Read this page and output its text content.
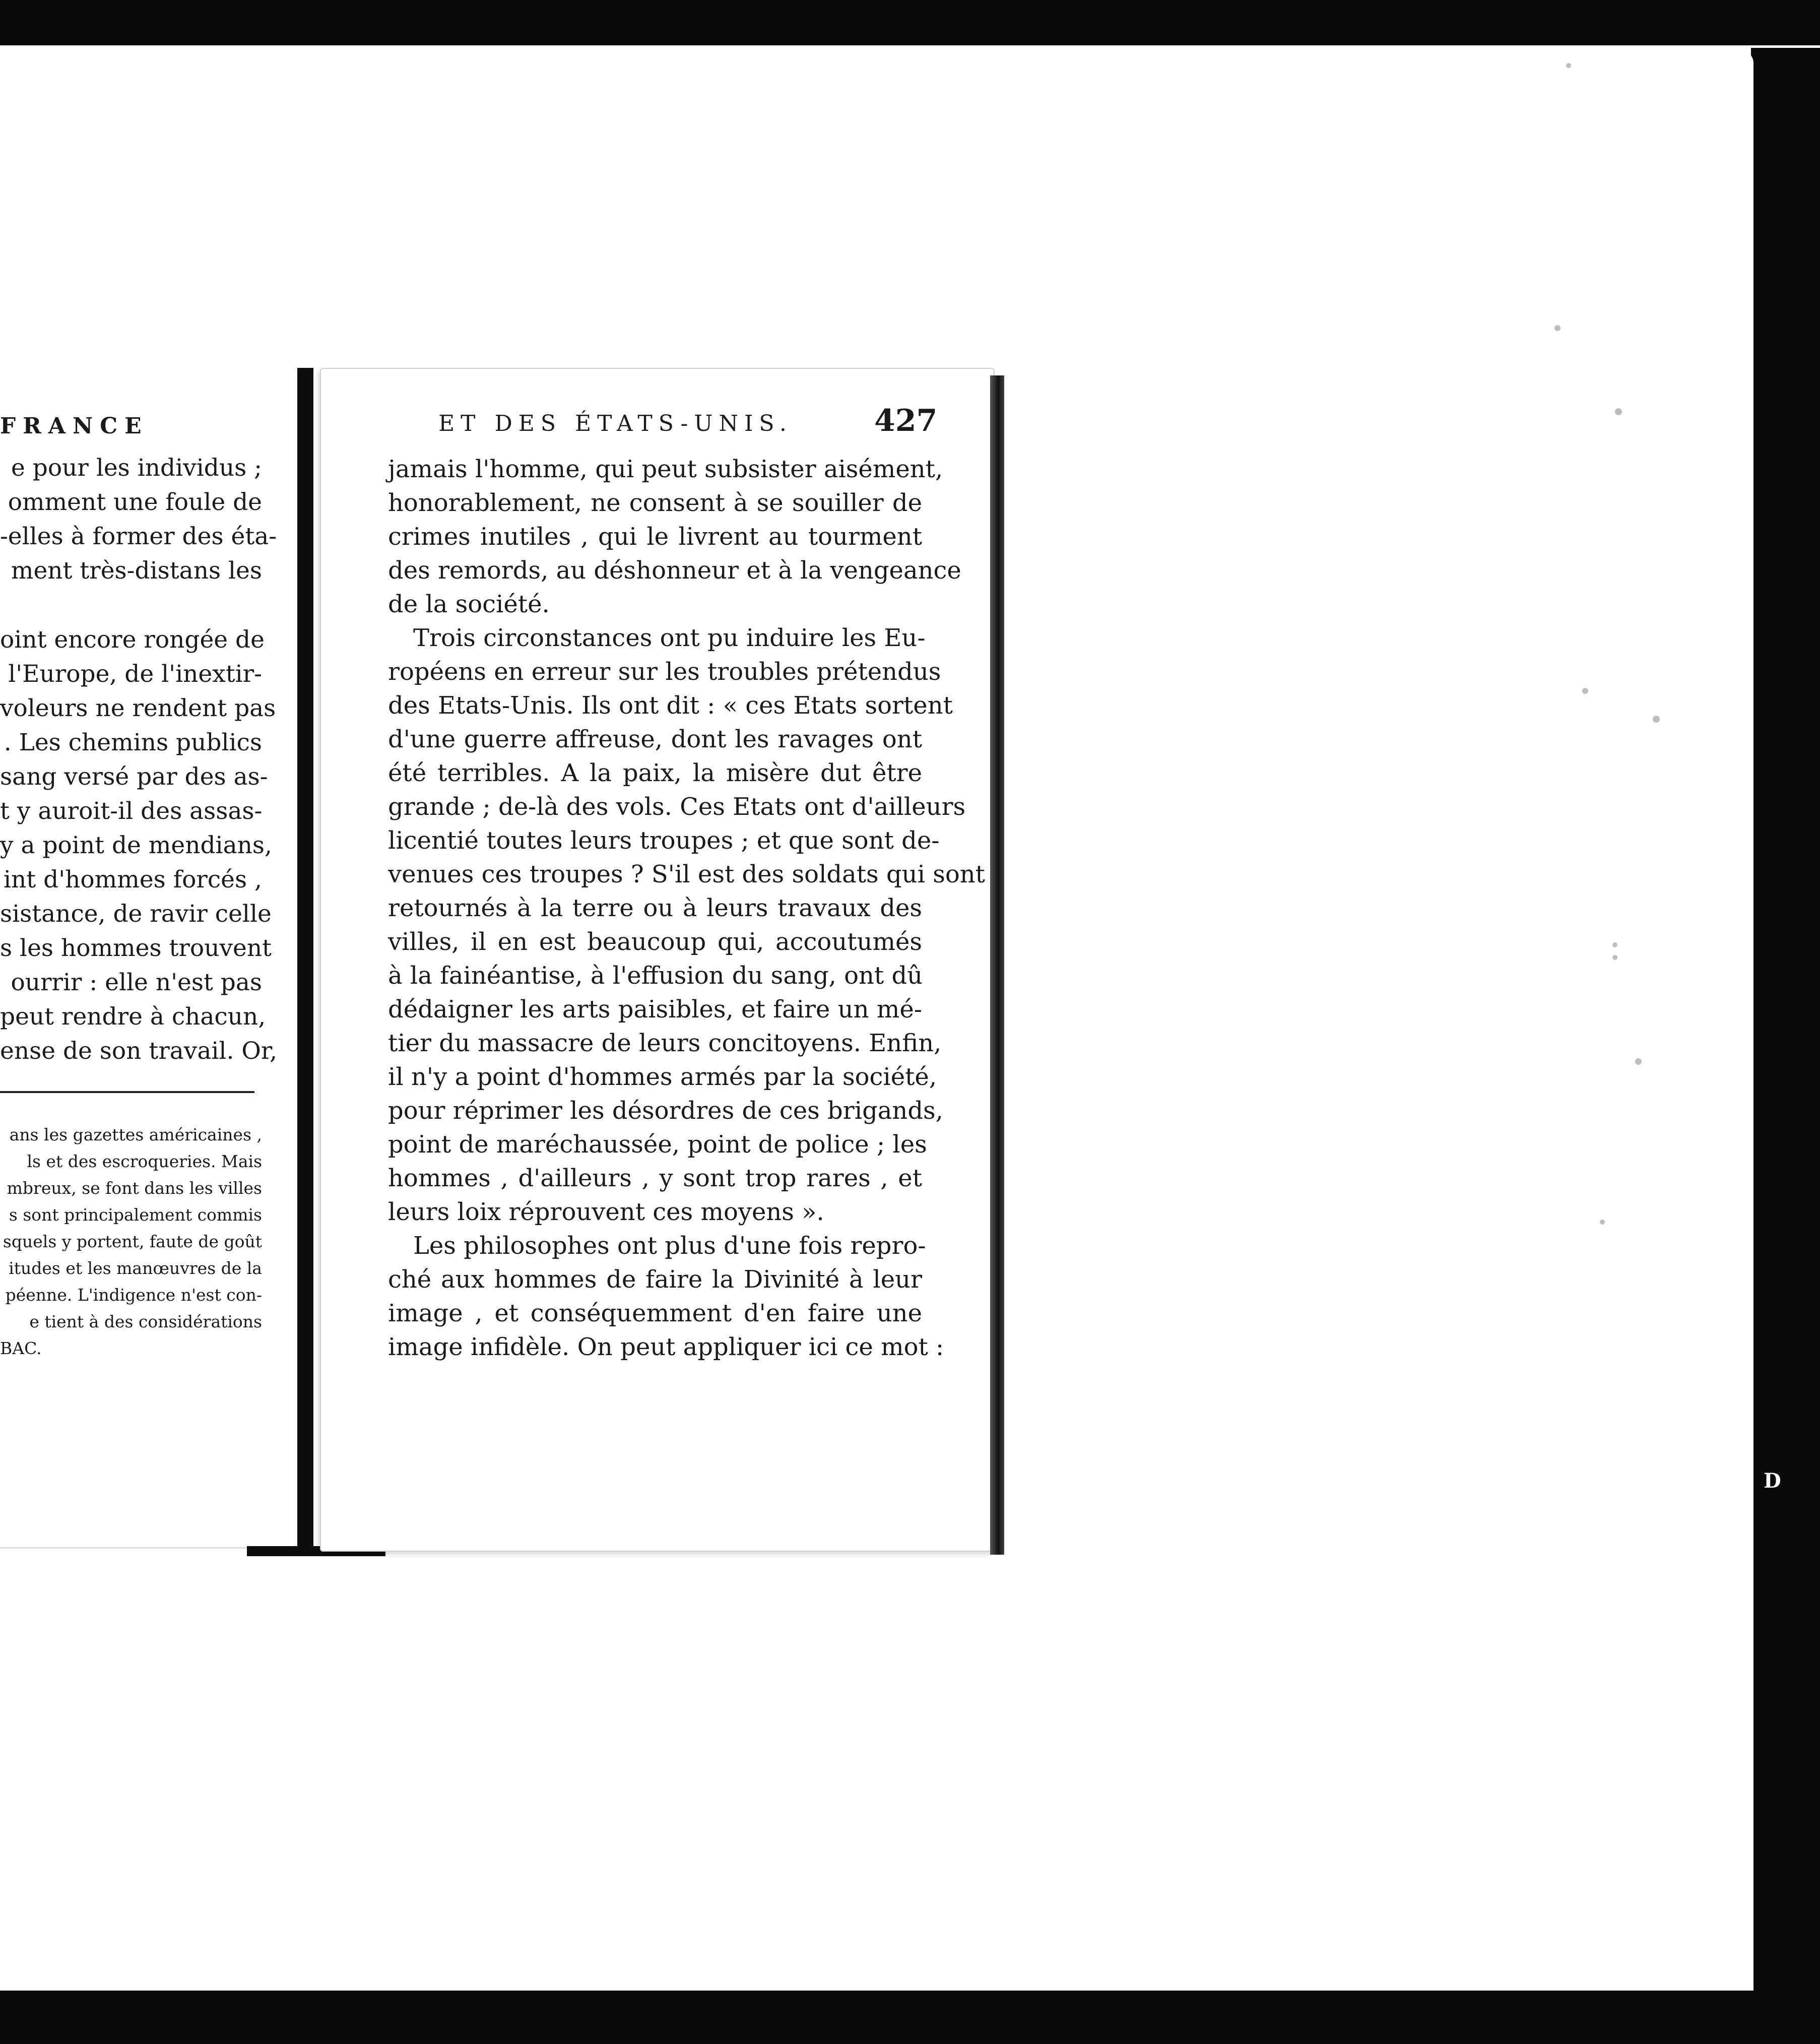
FRANCE
e pour les individus ;
omment une foule de
-elles à former des éta-
ment très-distans les
oint encore rongée de
l'Europe, de l'inextir-
voleurs ne rendent pas
. Les chemins publics
sang versé par des as-
t y auroit-il des assas-
y a point de mendians,
int d'hommes forcés ,
sistance, de ravir celle
s les hommes trouvent
ourrir : elle n'est pas
peut rendre à chacun,
ense de son travail. Or,
ans les gazettes américaines ,
ls et des escroqueries. Mais
mbreux, se font dans les villes
s sont principalement commis
squels y portent, faute de goût
itudes et les manœuvres de la
péenne. L'indigence n'est con-
e tient à des considérations
BAC.
ET DES ÉTATS-UNIS.	427
jamais l'homme, qui peut subsister aisément,
honorablement, ne consent à se souiller de
crimes inutiles , qui le livrent au tourment
des remords, au déshonneur et à la vengeance
de la société.
Trois circonstances ont pu induire les Eu-
ropéens en erreur sur les troubles prétendus
des Etats-Unis. Ils ont dit : « ces Etats sortent
d'une guerre affreuse, dont les ravages ont
été terribles. A la paix, la misère dut être
grande ; de-là des vols. Ces Etats ont d'ailleurs
licentié toutes leurs troupes ; et que sont de-
venues ces troupes ? S'il est des soldats qui sont
retournés à la terre ou à leurs travaux des
villes, il en est beaucoup qui, accoutumés
à la fainéantise, à l'effusion du sang, ont dû
dédaigner les arts paisibles, et faire un mé-
tier du massacre de leurs concitoyens. Enfin,
il n'y a point d'hommes armés par la société,
pour réprimer les désordres de ces brigands,
point de maréchaussée, point de police ; les
hommes , d'ailleurs , y sont trop rares , et
leurs loix réprouvent ces moyens ».
Les philosophes ont plus d'une fois repro-
ché aux hommes de faire la Divinité à leur
image , et conséquemment d'en faire une
image infidèle. On peut appliquer ici ce mot :
D
